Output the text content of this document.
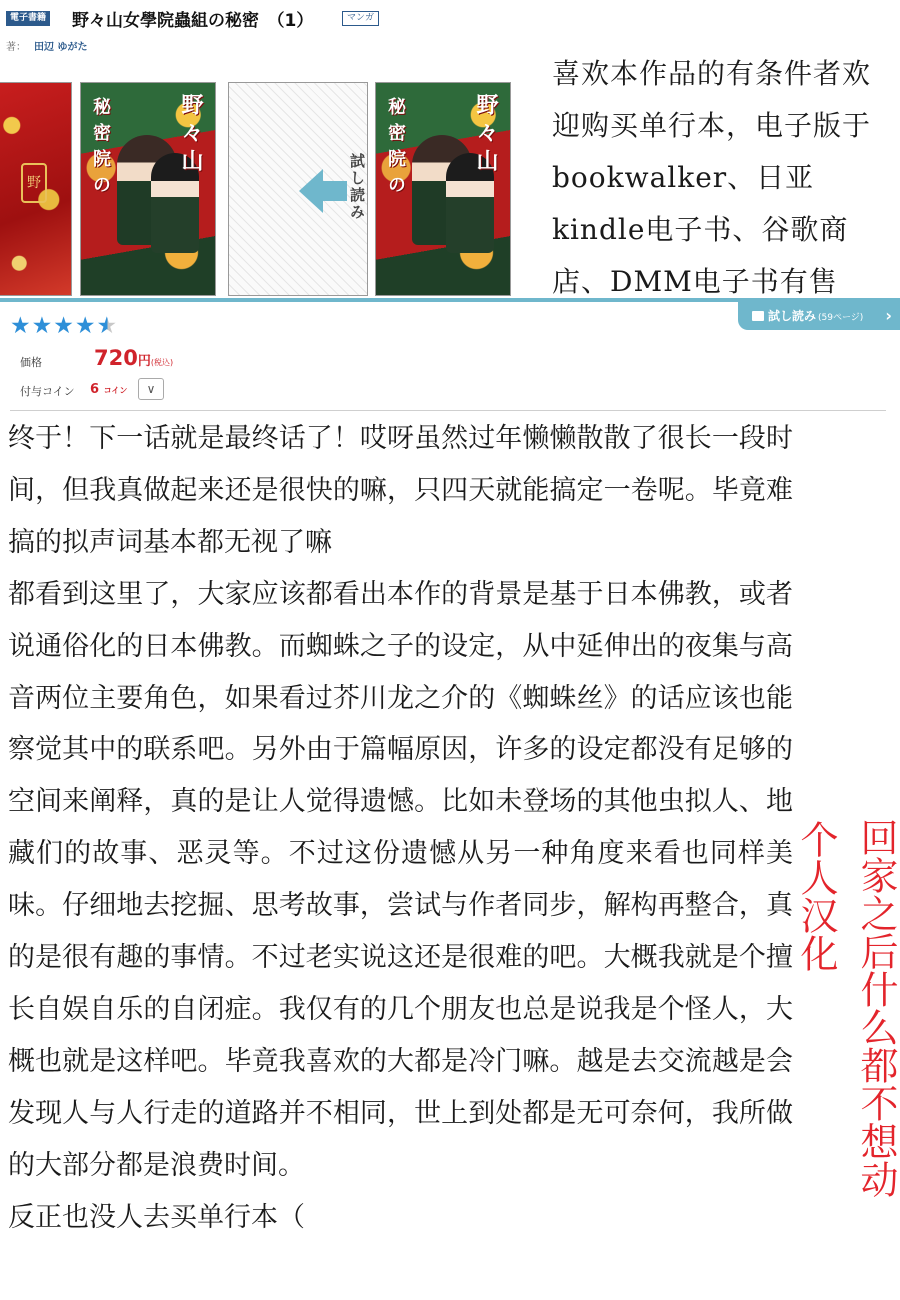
電子書籍 野々山女學院蟲組の秘密　（1）	マンガ
著： 田辺 ゆがた
野
野々山
秘密院の	試し読み
野々山
秘密院の
喜欢本作品的有条件者欢迎购买单行本，电子版于bookwalker、日亚kindle电子书、谷歌商店、DMM电子书有售
試し読み (59ページ) ›
★★★★★
価格 720円(税込)
付与コイン 6 コイン	∨

终于！下一话就是最终话了！哎呀虽然过年懒懒散散了很长一段时间，但我真做起来还是很快的嘛，只四天就能搞定一卷呢。毕竟难搞的拟声词基本都无视了嘛

都看到这里了，大家应该都看出本作的背景是基于日本佛教，或者说通俗化的日本佛教。而蜘蛛之子的设定，从中延伸出的夜集与高音两位主要角色，如果看过芥川龙之介的《蜘蛛丝》的话应该也能察觉其中的联系吧。另外由于篇幅原因，许多的设定都没有足够的空间来阐释，真的是让人觉得遗憾。比如未登场的其他虫拟人、地藏们的故事、恶灵等。不过这份遗憾从另一种角度来看也同样美味。仔细地去挖掘、思考故事，尝试与作者同步，解构再整合，真的是很有趣的事情。不过老实说这还是很难的吧。大概我就是个擅长自娱自乐的自闭症。我仅有的几个朋友也总是说我是个怪人，大概也就是这样吧。毕竟我喜欢的大都是冷门嘛。越是去交流越是会发现人与人行走的道路并不相同，世上到处都是无可奈何，我所做的大部分都是浪费时间。

反正也没人去买单行本（

个人汉化 回家之后什么都不想动
